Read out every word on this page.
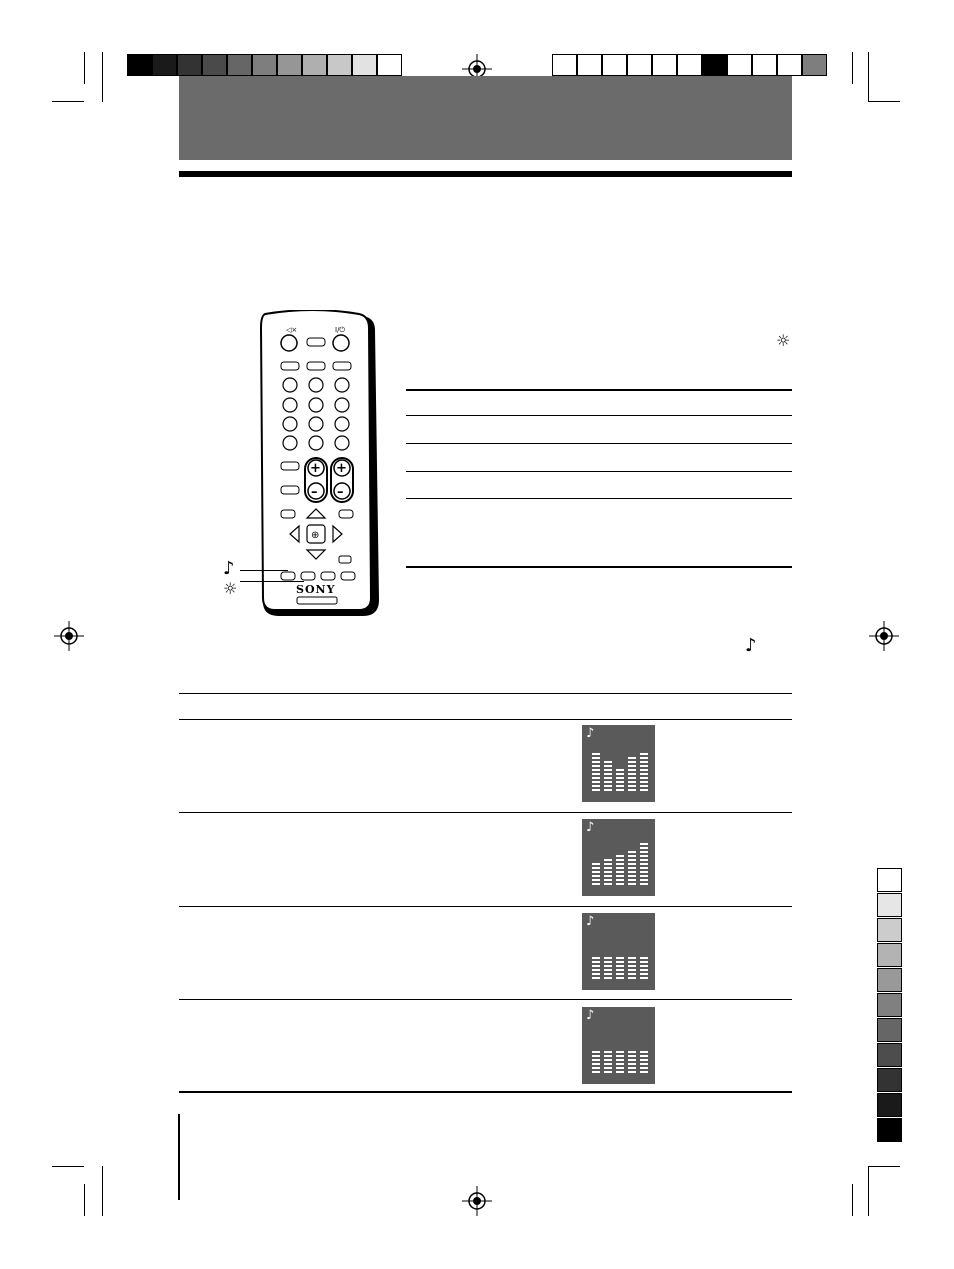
◁×	I/⏻
+
–
+
–
⊕
SONY
♪
☼
☼
♪
♪
♪
♪
♪
